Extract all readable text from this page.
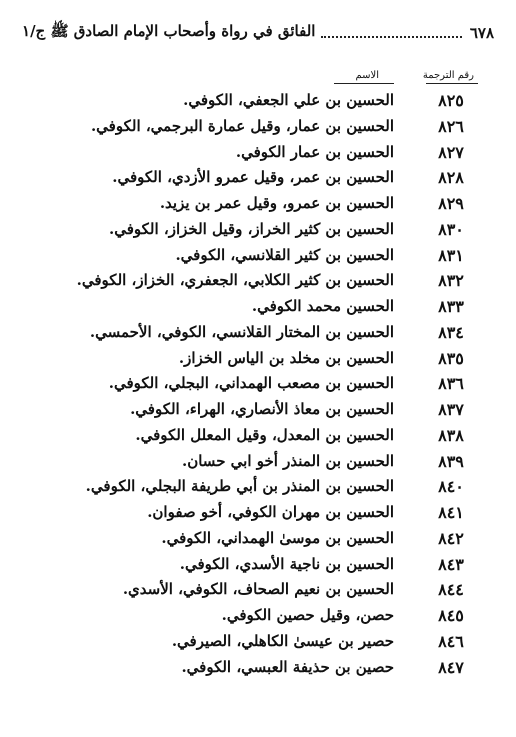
٦٧٨
الفائق في رواة وأصحاب الإمام الصادق ﷺ ج/١
رقم الترجمة
الاسم
٨٢٥
الحسين بن علي الجعفي، الكوفي.
٨٢٦
الحسين بن عمار، وقيل عمارة البرجمي، الكوفي.
٨٢٧
الحسين بن عمار الكوفي.
٨٢٨
الحسين بن عمر، وقيل عمرو الأزدي، الكوفي.
٨٢٩
الحسين بن عمرو، وقيل عمر بن يزيد.
٨٣٠
الحسين بن كثير الخراز، وقيل الخزاز، الكوفي.
٨٣١
الحسين بن كثير القلانسي، الكوفي.
٨٣٢
الحسين بن كثير الكلابي، الجعفري، الخزاز، الكوفي.
٨٣٣
الحسين محمد الكوفي.
٨٣٤
الحسين بن المختار القلانسي، الكوفي، الأحمسي.
٨٣٥
الحسين بن مخلد بن الياس الخزاز.
٨٣٦
الحسين بن مصعب الهمداني، البجلي، الكوفي.
٨٣٧
الحسين بن معاذ الأنصاري، الهراء، الكوفي.
٨٣٨
الحسين بن المعدل، وقيل المعلل الكوفي.
٨٣٩
الحسين بن المنذر أخو ابي حسان.
٨٤٠
الحسين بن المنذر بن أبي طريفة البجلي، الكوفي.
٨٤١
الحسين بن مهران الكوفي، أخو صفوان.
٨٤٢
الحسين بن موسىٰ الهمداني، الكوفي.
٨٤٣
الحسين بن ناجية الأسدي، الكوفي.
٨٤٤
الحسين بن نعيم الصحاف، الكوفي، الأسدي.
٨٤٥
حصن، وقيل حصين الكوفي.
٨٤٦
حصير بن عيسىٰ الكاهلي، الصيرفي.
٨٤٧
حصين بن حذيفة العبسي، الكوفي.
